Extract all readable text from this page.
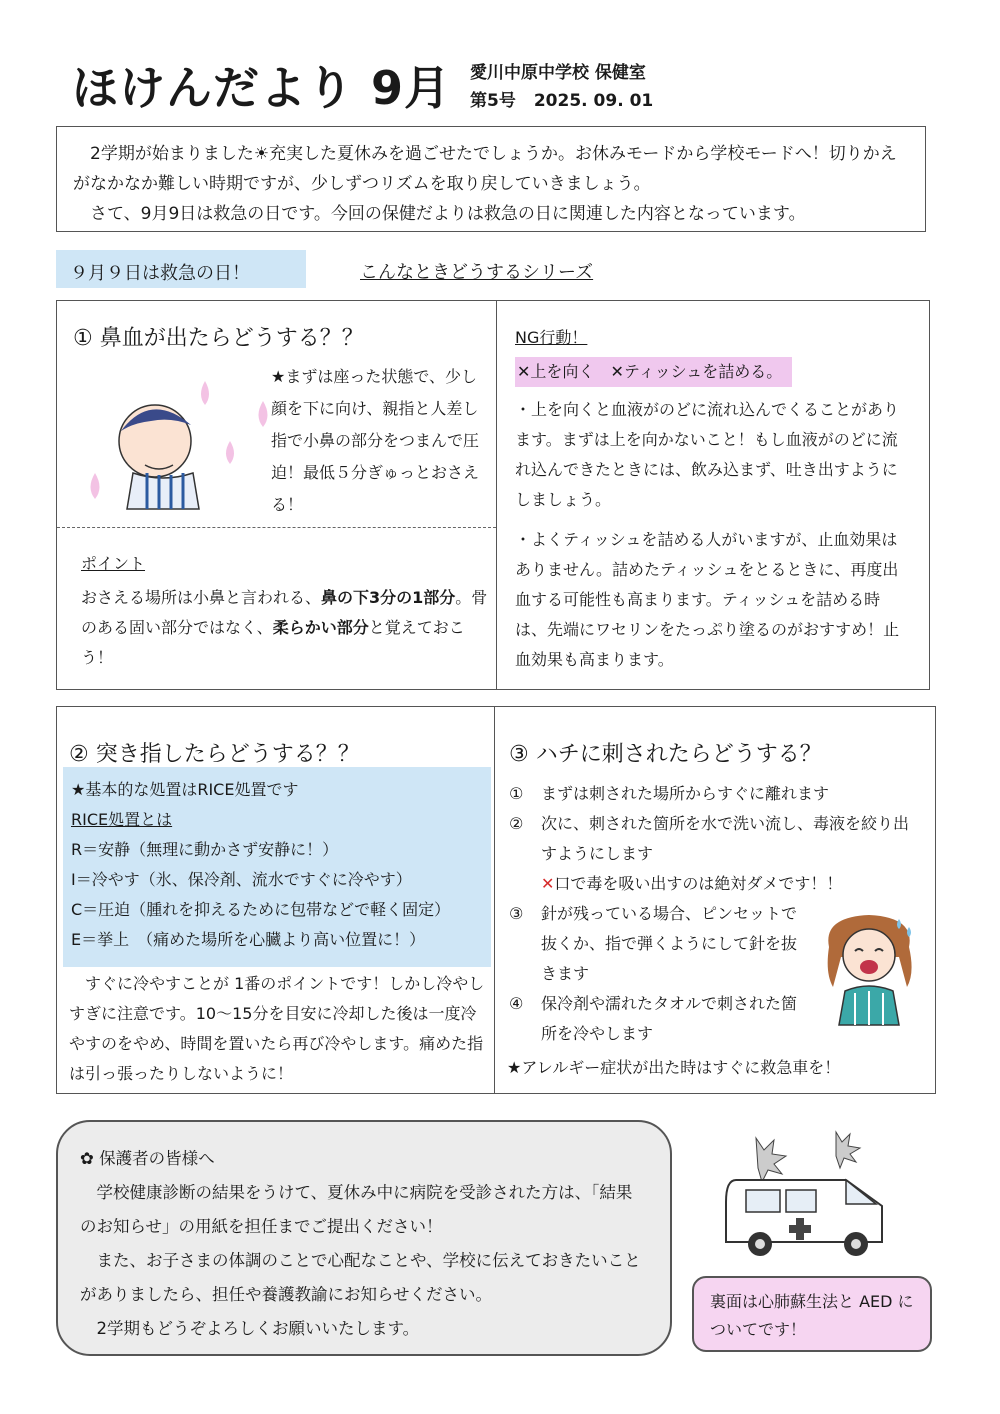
ほけんだより 9月 愛川中原中学校 保健室
第5号 2025. 09. 01

2学期が始まりました☀充実した夏休みを過ごせたでしょうか。お休みモードから学校モードへ！切りかえがなかなか難しい時期ですが、少しずつリズムを取り戻していきましょう。

さて、9月9日は救急の日です。今回の保健だよりは救急の日に関連した内容となっています。

９月９日は救急の日！	こんなときどうするシリーズ
① 鼻血が出たらどうする？？
★まずは座った状態で、少し顔を下に向け、親指と人差し指で小鼻の部分をつまんで圧迫！最低５分ぎゅっとおさえる！
ポイント
おさえる場所は小鼻と言われる、鼻の下3分の1部分。骨のある固い部分ではなく、柔らかい部分と覚えておこう！
NG行動！
✕上を向く　 ✕ティッシュを詰める。

・上を向くと血液がのどに流れ込んでくることがあります。まずは上を向かないこと！もし血液がのどに流れ込んできたときには、飲み込まず、吐き出すようにしましょう。

・よくティッシュを詰める人がいますが、止血効果はありません。詰めたティッシュをとるときに、再度出血する可能性も高まります。ティッシュを詰める時は、先端にワセリンをたっぷり塗るのがおすすめ！止血効果も高まります。

② 突き指したらどうする？？
★基本的な処置はRICE処置です
RICE処置とは
R＝安静（無理に動かさず安静に！）
I＝冷やす（氷、保冷剤、流水ですぐに冷やす）
C＝圧迫（腫れを抑えるために包帯などで軽く固定）
E＝挙上　（痛めた場所を心臓より高い位置に！）
すぐに冷やすことが 1番のポイントです！しかし冷やしすぎに注意です。10～15分を目安に冷却した後は一度冷やすのをやめ、時間を置いたら再び冷やします。痛めた指は引っ張ったりしないように！
③ ハチに刺されたらどうする？
①	まずは刺された場所からすぐに離れます
②	次に、刺された箇所を水で洗い流し、毒液を絞り出すようにします
✕口で毒を吸い出すのは絶対ダメです！！
③	針が残っている場合、ピンセットで抜くか、指で弾くようにして針を抜きます
④	保冷剤や濡れたタオルで刺された箇所を冷やします
★アレルギー症状が出た時はすぐに救急車を！
✿ 保護者の皆様へ

学校健康診断の結果をうけて、夏休み中に病院を受診された方は、「結果のお知らせ」の用紙を担任までご提出ください！

また、お子さまの体調のことで心配なことや、学校に伝えておきたいことがありましたら、担任や養護教諭にお知らせください。

2学期もどうぞよろしくお願いいたします。

裏面は心肺蘇生法と AED についてです！
